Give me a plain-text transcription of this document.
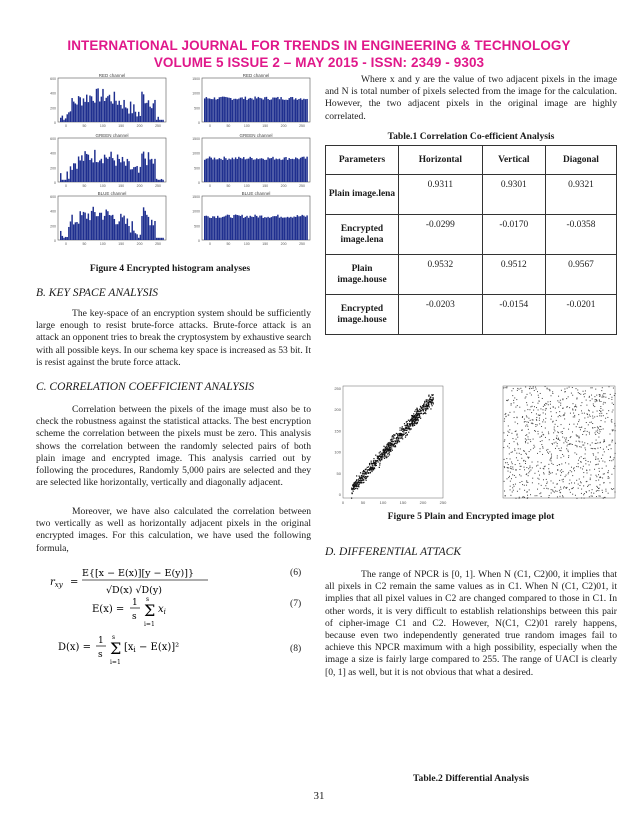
INTERNATIONAL JOURNAL FOR TRENDS IN ENGINEERING & TECHNOLOGY
VOLUME 5 ISSUE 2 – MAY 2015 - ISSN: 2349 - 9303
RED channel
0
200
400
600
0	50	100	150	200	250
RED channel
0
500
1000
1500
0	50	100	150	200	250
GREEN channel
0
200
400
600
0	50	100	150	200	250
GREEN channel
0
500
1000
1500
0	50	100	150	200	250
BLUE channel
0
200
400
600
0	50	100	150	200	250
BLUE channel
0
500
1000
1500
0	50	100	150	200	250

Figure 4 Encrypted histogram analyses

B. KEY SPACE ANALYSIS

The key-space of an encryption system should be sufficiently large enough to resist brute-force attacks. Brute-force attack is an attack an opponent tries to break the cryptosystem by exhaustive search with all possible keys. In our schema key space is increased as 53 bit. It is resist against the brute force attack.

C. CORRELATION COEFFICIENT ANALYSIS

Correlation between the pixels of the image must also be to check the robustness against the statistical attacks. The best encryption scheme the correlation between the pixels must be zero. This analysis shows the correlation between the randomly selected pairs of both plain image and encrypted image. This analysis carried out by following the procedures, Randomly 5,000 pairs are selected and they are selected like horizontally, vertically and diagonally adjacent.

Moreover, we have also calculated the correlation between two vertically as well as horizontally adjacent pixels in the original encrypted images. For this calculation, we have used the following formula,

$r_{xy}$ =
E{[x − E(x)][y − E(y)]}
√D(x) √D(y)
(6)
E(x) =
1
s Σ
s
i=1
$x_i$
(7)
D(x) =
1
s Σ
s
i=1
$[x_i - E(x)]^2$	(8)

Where x and y are the value of two adjacent pixels in the image and N is total number of pixels selected from the image for the calculation. However, the two adjacent pixels in the original image are highly correlated.

Table.1 Correlation Co-efficient Analysis

Parameters	Horizontal	Vertical	Diagonal
Plain image.lena	0.9311	0.9301	0.9321
Encrypted image.lena	-0.0299	-0.0170	-0.0358
Plain image.house	0.9532	0.9512	0.9567
Encrypted image.house	-0.0203	-0.0154	-0.0201
250
200
150
100
50
0
0	50	100	150	200	250

Figure 5 Plain and Encrypted image plot

D. DIFFERENTIAL ATTACK

The range of NPCR is [0, 1]. When N (C1, C2)00, it implies that all pixels in C2 remain the same values as in C1. When N (C1, C2)01, it implies that all pixel values in C2 are changed compared to those in C1. In other words, it is very difficult to establish relationships between this pair of cipher-image C1 and C2. However, N(C1, C2)01 rarely happens, because even two independently generated true random images fail to achieve this NPCR maximum with a high possibility, especially when the image a size is fairly large compared to 255. The range of UACI is clearly [0, 1] as well, but it is not obvious that what a desired.

Table.2 Differential Analysis

31
